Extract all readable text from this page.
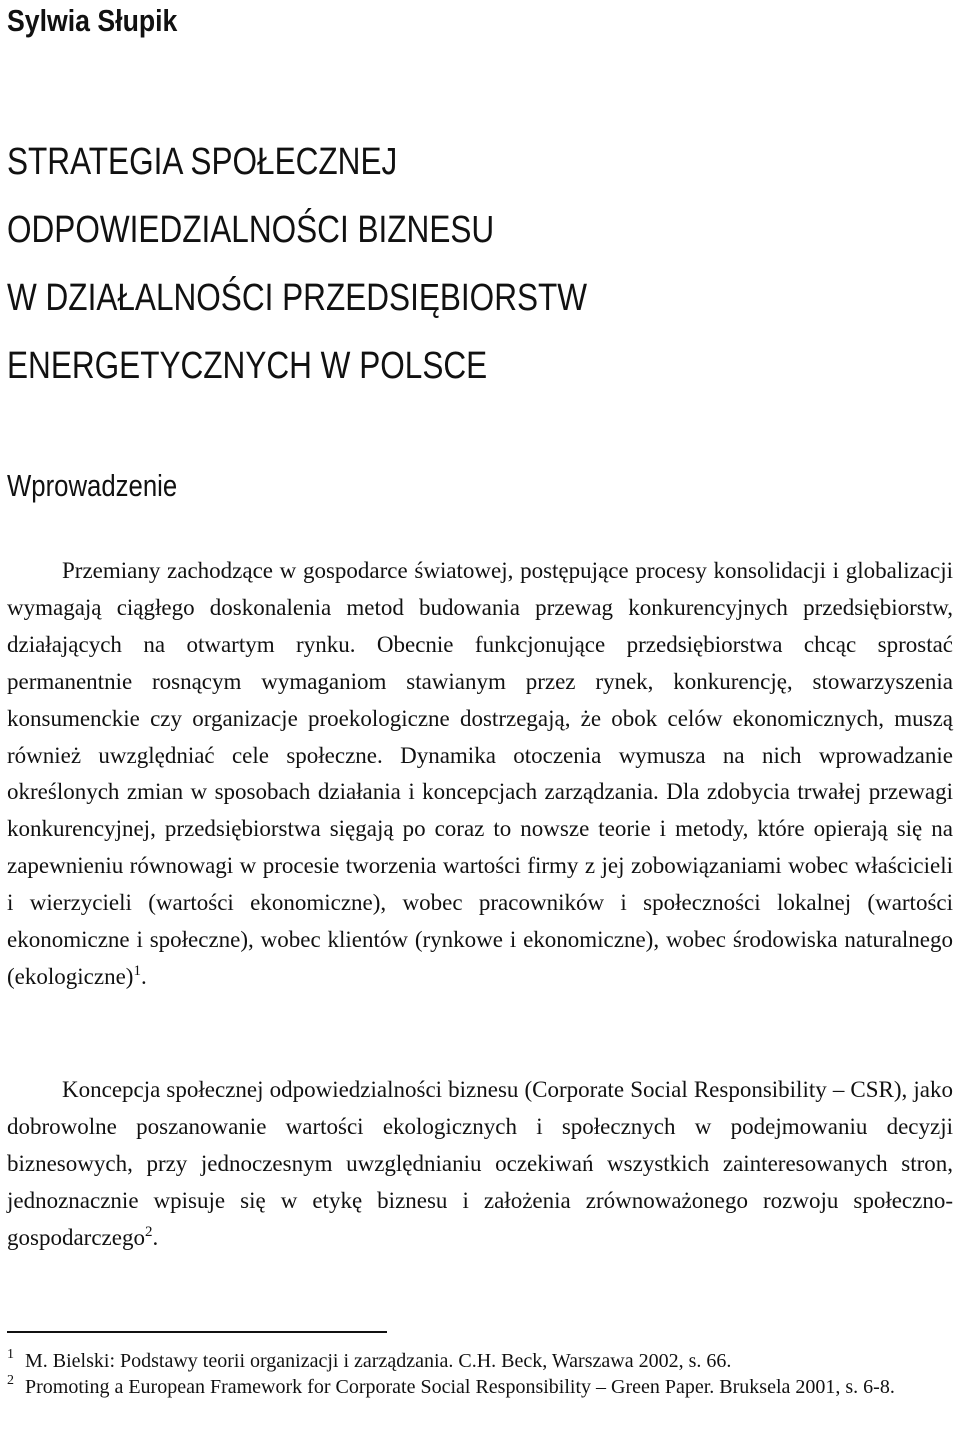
Sylwia Słupik
STRATEGIA SPOŁECZNEJ
ODPOWIEDZIALNOŚCI BIZNESU
W DZIAŁALNOŚCI PRZEDSIĘBIORSTW
ENERGETYCZNYCH W POLSCE
Wprowadzenie

Przemiany zachodzące w gospodarce światowej, postępujące procesy konsolidacji i globalizacji wymagają ciągłego doskonalenia metod budowania przewag konkurencyjnych przedsiębiorstw, działających na otwartym rynku. Obecnie funkcjonujące przedsiębiorstwa chcąc sprostać permanentnie rosnącym wymaganiom stawianym przez rynek, konkurencję, stowarzyszenia konsumenckie czy organizacje proekologiczne dostrzegają, że obok celów ekonomicznych, muszą również uwzględniać cele społeczne. Dynamika otoczenia wymusza na nich wprowadzanie określonych zmian w sposobach działania i koncepcjach zarządzania. Dla zdobycia trwałej przewagi konkurencyjnej, przedsiębiorstwa sięgają po coraz to nowsze teorie i metody, które opierają się na zapewnieniu równowagi w procesie tworzenia wartości firmy z jej zobowiązaniami wobec właścicieli i wierzycieli (wartości ekonomiczne), wobec pracowników i społeczności lokalnej (wartości ekonomiczne i społeczne), wobec klientów (rynkowe i ekonomiczne), wobec środowiska naturalnego (ekologiczne)$^1$.

Koncepcja społecznej odpowiedzialności biznesu (Corporate Social Responsibility – CSR), jako dobrowolne poszanowanie wartości ekologicznych i społecznych w podejmowaniu decyzji biznesowych, przy jednoczesnym uwzględnianiu oczekiwań wszystkich zainteresowanych stron, jednoznacznie wpisuje się w etykę biznesu i założenia zrównoważonego rozwoju społeczno-gospodarczego$^2$.

1 M. Bielski: Podstawy teorii organizacji i zarządzania. C.H. Beck, Warszawa 2002, s. 66.
2 Promoting a European Framework for Corporate Social Responsibility – Green Paper. Bruksela 2001, s. 6-8.
